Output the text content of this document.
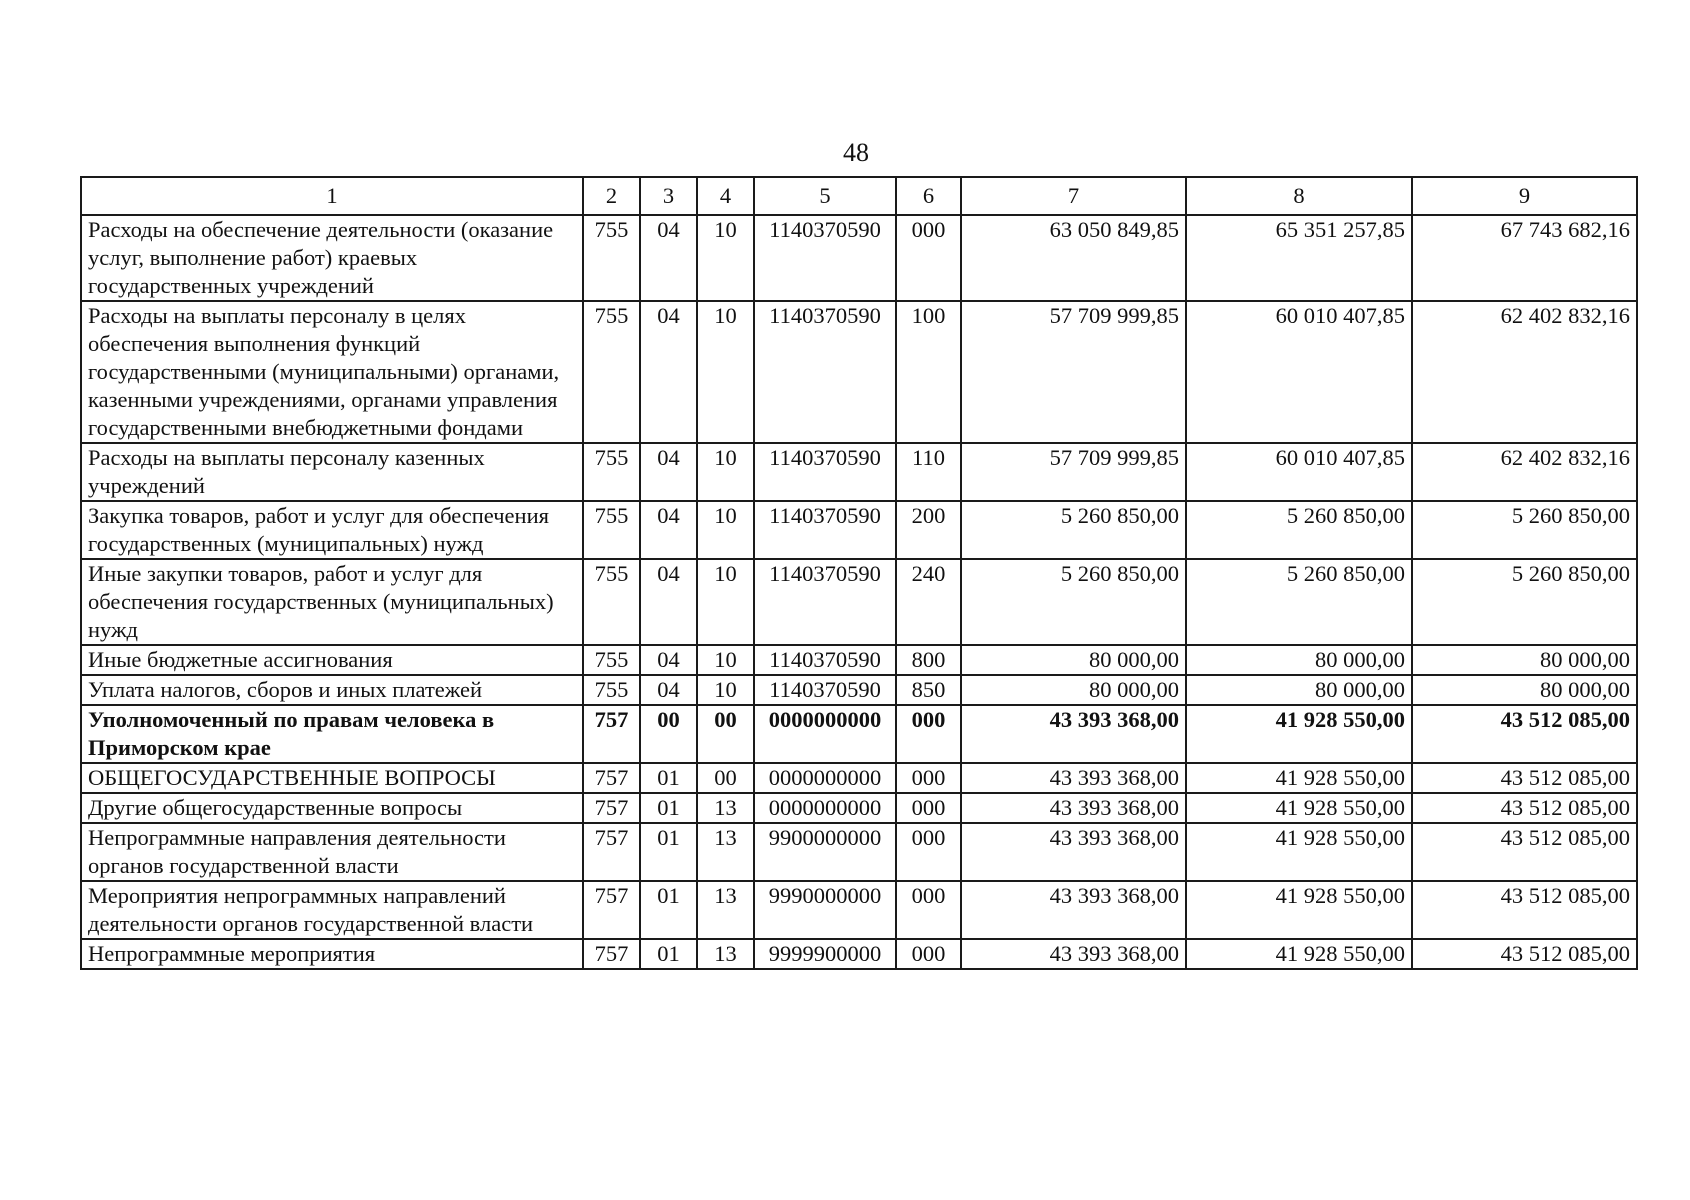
48
1	2	3	4	5	6	7	8	9
Расходы на обеспечение деятельности (оказание услуг, выполнение работ) краевых государственных учреждений	755	04	10	1140370590	000	63 050 849,85	65 351 257,85	67 743 682,16
Расходы на выплаты персоналу в целях обеспечения выполнения функций государственными (муниципальными) органами, казенными учреждениями, органами управления государственными внебюджетными фондами	755	04	10	1140370590	100	57 709 999,85	60 010 407,85	62 402 832,16
Расходы на выплаты персоналу казенных учреждений	755	04	10	1140370590	110	57 709 999,85	60 010 407,85	62 402 832,16
Закупка товаров, работ и услуг для обеспечения государственных (муниципальных) нужд	755	04	10	1140370590	200	5 260 850,00	5 260 850,00	5 260 850,00
Иные закупки товаров, работ и услуг для обеспечения государственных (муниципальных) нужд	755	04	10	1140370590	240	5 260 850,00	5 260 850,00	5 260 850,00
Иные бюджетные ассигнования	755	04	10	1140370590	800	80 000,00	80 000,00	80 000,00
Уплата налогов, сборов и иных платежей	755	04	10	1140370590	850	80 000,00	80 000,00	80 000,00
Уполномоченный по правам человека в Приморском крае	757	00	00	0000000000	000	43 393 368,00	41 928 550,00	43 512 085,00
ОБЩЕГОСУДАРСТВЕННЫЕ ВОПРОСЫ	757	01	00	0000000000	000	43 393 368,00	41 928 550,00	43 512 085,00
Другие общегосударственные вопросы	757	01	13	0000000000	000	43 393 368,00	41 928 550,00	43 512 085,00
Непрограммные направления деятельности органов государственной власти	757	01	13	9900000000	000	43 393 368,00	41 928 550,00	43 512 085,00
Мероприятия непрограммных направлений деятельности органов государственной власти	757	01	13	9990000000	000	43 393 368,00	41 928 550,00	43 512 085,00
Непрограммные мероприятия	757	01	13	9999900000	000	43 393 368,00	41 928 550,00	43 512 085,00
